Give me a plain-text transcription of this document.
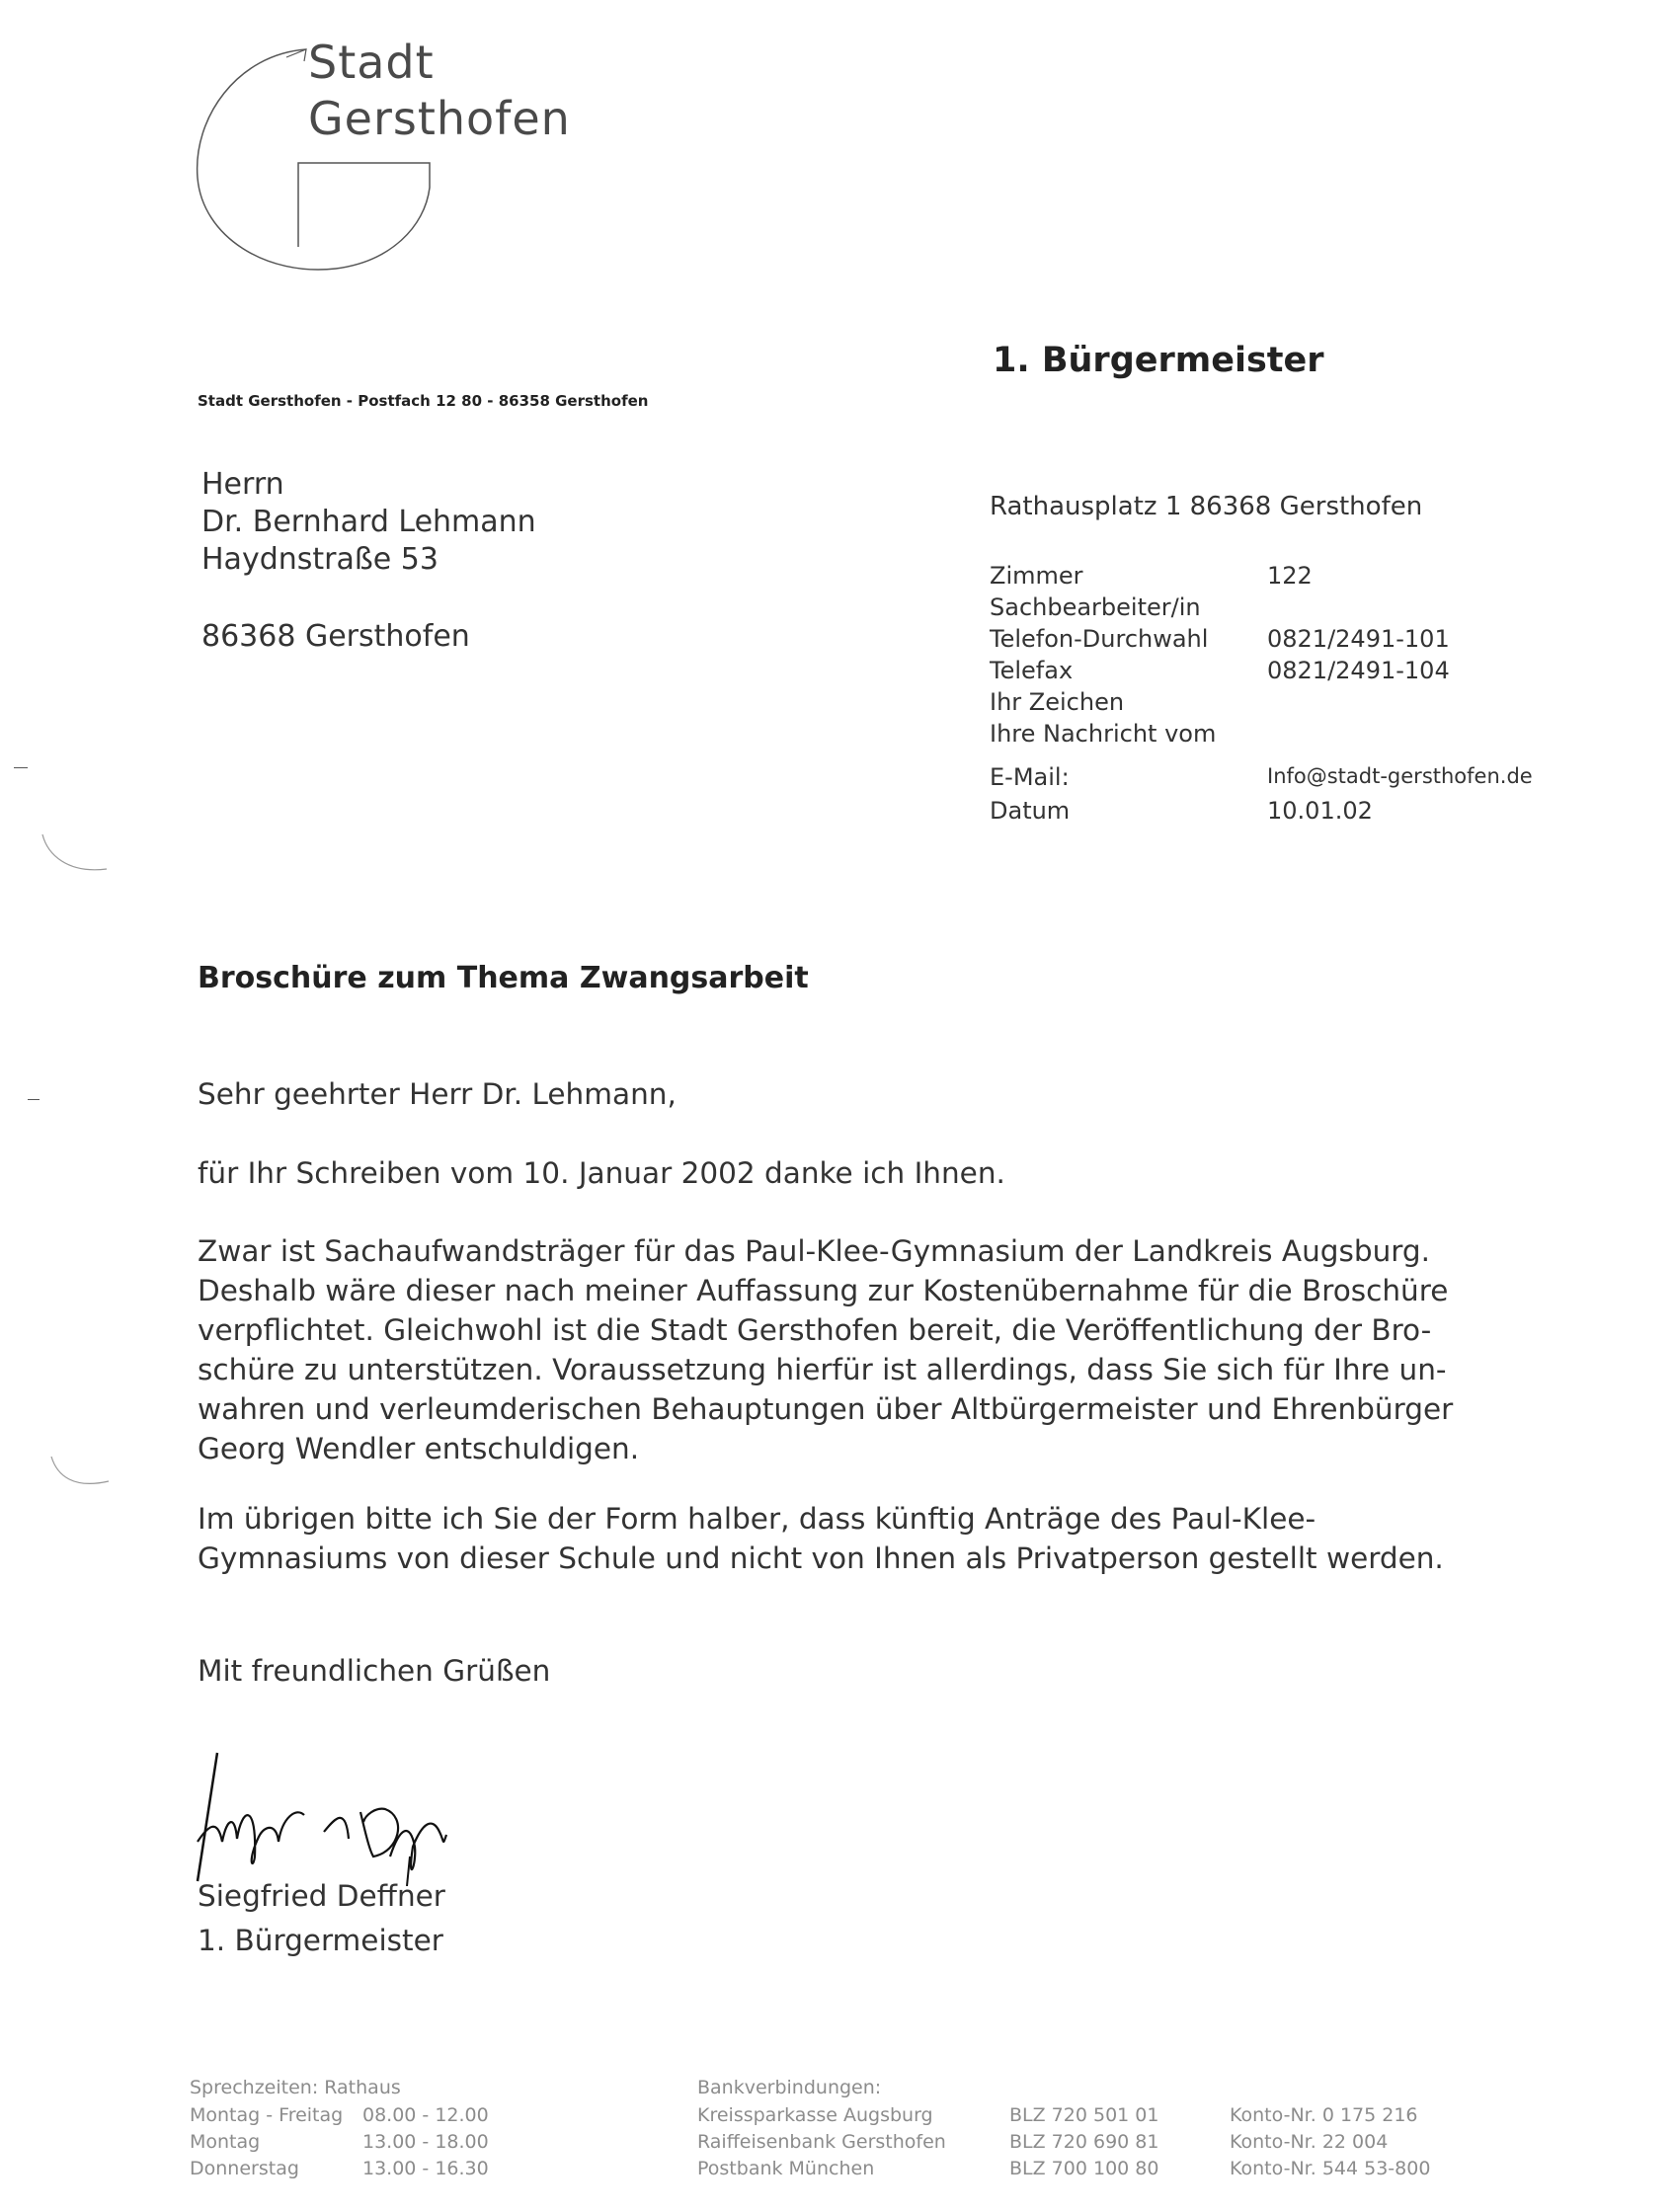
Stadt
Gersthofen
1. Bürgermeister
Stadt Gersthofen - Postfach 12 80 - 86358 Gersthofen
Herrn
Dr. Bernhard Lehmann
Haydnstraße 53
86368 Gersthofen
Rathausplatz 1 86368 Gersthofen
Zimmer	122
Sachbearbeiter/in
Telefon-Durchwahl 0821/2491-101
Telefax	0821/2491-104
Ihr Zeichen
Ihre Nachricht vom
E-Mail:	Info@stadt-gersthofen.de
Datum	10.01.02
Broschüre zum Thema Zwangsarbeit
Sehr geehrter Herr Dr. Lehmann,
für Ihr Schreiben vom 10. Januar 2002 danke ich Ihnen.
Zwar ist Sachaufwandsträger für das Paul-Klee-Gymnasium der Landkreis Augsburg.
Deshalb wäre dieser nach meiner Auffassung zur Kostenübernahme für die Broschüre
verpflichtet. Gleichwohl ist die Stadt Gersthofen bereit, die Veröffentlichung der Bro-
schüre zu unterstützen. Voraussetzung hierfür ist allerdings, dass Sie sich für Ihre un-
wahren und verleumderischen Behauptungen über Altbürgermeister und Ehrenbürger
Georg Wendler entschuldigen.
Im übrigen bitte ich Sie der Form halber, dass künftig Anträge des Paul-Klee-
Gymnasiums von dieser Schule und nicht von Ihnen als Privatperson gestellt werden.
Mit freundlichen Grüßen
Siegfried Deffner
1. Bürgermeister
Sprechzeiten: Rathaus
Montag - Freitag 08.00 - 12.00
Montag	13.00 - 18.00
Donnerstag	13.00 - 16.30
Bankverbindungen:
Kreissparkasse Augsburg	BLZ 720 501 01	Konto-Nr. 0 175 216
Raiffeisenbank Gersthofen	BLZ 720 690 81	Konto-Nr. 22 004
Postbank München	BLZ 700 100 80	Konto-Nr. 544 53-800
